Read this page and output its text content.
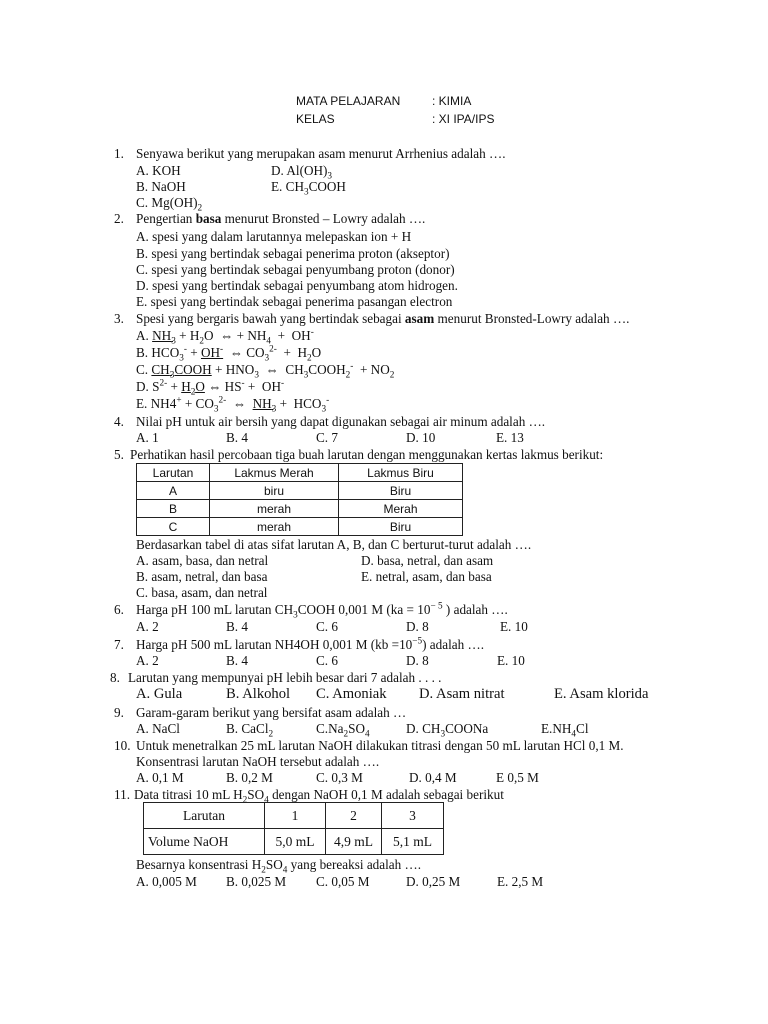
MATA PELAJARAN	: KIMIA
KELAS	: XI IPA/IPS
1. Senyawa berikut yang merupakan asam menurut Arrhenius adalah ….
A. KOH
B. NaOH
C. $Mg(OH)_2$
D. $Al(OH)_3$
E. $CH_3COOH$
2. Pengertian basa menurut Bronsted – Lowry adalah ….
A. spesi yang dalam larutannya melepaskan ion + H
B. spesi yang bertindak sebagai penerima proton (akseptor)
C. spesi yang bertindak sebagai penyumbang proton (donor)
D. spesi yang bertindak sebagai penyumbang atom hidrogen.
E. spesi yang bertindak sebagai penerima pasangan electron
3. Spesi yang bergaris bawah yang bertindak sebagai asam menurut Bronsted-Lowry adalah ….
A. $NH_3 + H_2O$  ⇔ + $NH_4 + OH^-$
B. $HCO_3^- + OH^-$  ⇔ $CO_3^{2-} + H_2O$
C. $CH_3COOH + HNO_3$  ⇔  $CH_3COOH_2^- + NO_2$
D. $S^{2-} + H_2O$ ⇔ HS- +  OH-
E. $NH4^+ + CO_3^{2-}$  ⇔  $NH_3 + HCO_3^-$
4. Nilai pH untuk air bersih yang dapat digunakan sebagai air minum adalah ….
A. 1	B. 4	C. 7	D. 10	E. 13
5. Perhatikan hasil percobaan tiga buah larutan dengan menggunakan kertas lakmus berikut:
Larutan	Lakmus Merah	Lakmus Biru
A	biru	Biru
B	merah	Merah
C	merah	Biru
Berdasarkan tabel di atas sifat larutan A, B, dan C berturut-turut adalah ….
A. asam, basa, dan netral
B. asam, netral, dan basa
C. basa, asam, dan netral
D. basa, netral, dan asam
E. netral, asam, dan basa
6. Harga pH 100 mL larutan $CH_3COOH$ 0,001 M ($ka = 10^{- 5}$ ) adalah ….
A. 2	B. 4	C. 6	D. 8	E. 10
7. Harga pH 500 mL larutan NH4OH 0,001 M $(kb =10^{-5})$ adalah ….
A. 2	B. 4	C. 6	D. 8	E. 10
8. Larutan yang mempunyai pH lebih besar dari 7 adalah . . . .
A. Gula	B. Alkohol C. Amoniak D. Asam nitrat	E. Asam klorida
9. Garam-garam berikut yang bersifat asam adalah …
A. NaCl	B. CaCl$_2$	$C.Na_2SO_4$	D. $CH_3COONa$	$E.NH_4Cl$
10. Untuk menetralkan 25 mL larutan NaOH dilakukan titrasi dengan 50 mL larutan HCl 0,1 M.
Konsentrasi larutan NaOH tersebut adalah ….
A. 0,1 M	B. 0,2 M	C. 0,3 M	D. 0,4 M	E 0,5 M
11. Data titrasi 10 mL $H_2SO_4$ dengan NaOH 0,1 M adalah sebagai berikut
Larutan	1	2	3
Volume NaOH	5,0 mL	4,9 mL	5,1 mL
Besarnya konsentrasi $H_2SO_4$ yang bereaksi adalah ….
A. 0,005 M B. 0,025 M C. 0,05 M	D. 0,25 M	E. 2,5 M
